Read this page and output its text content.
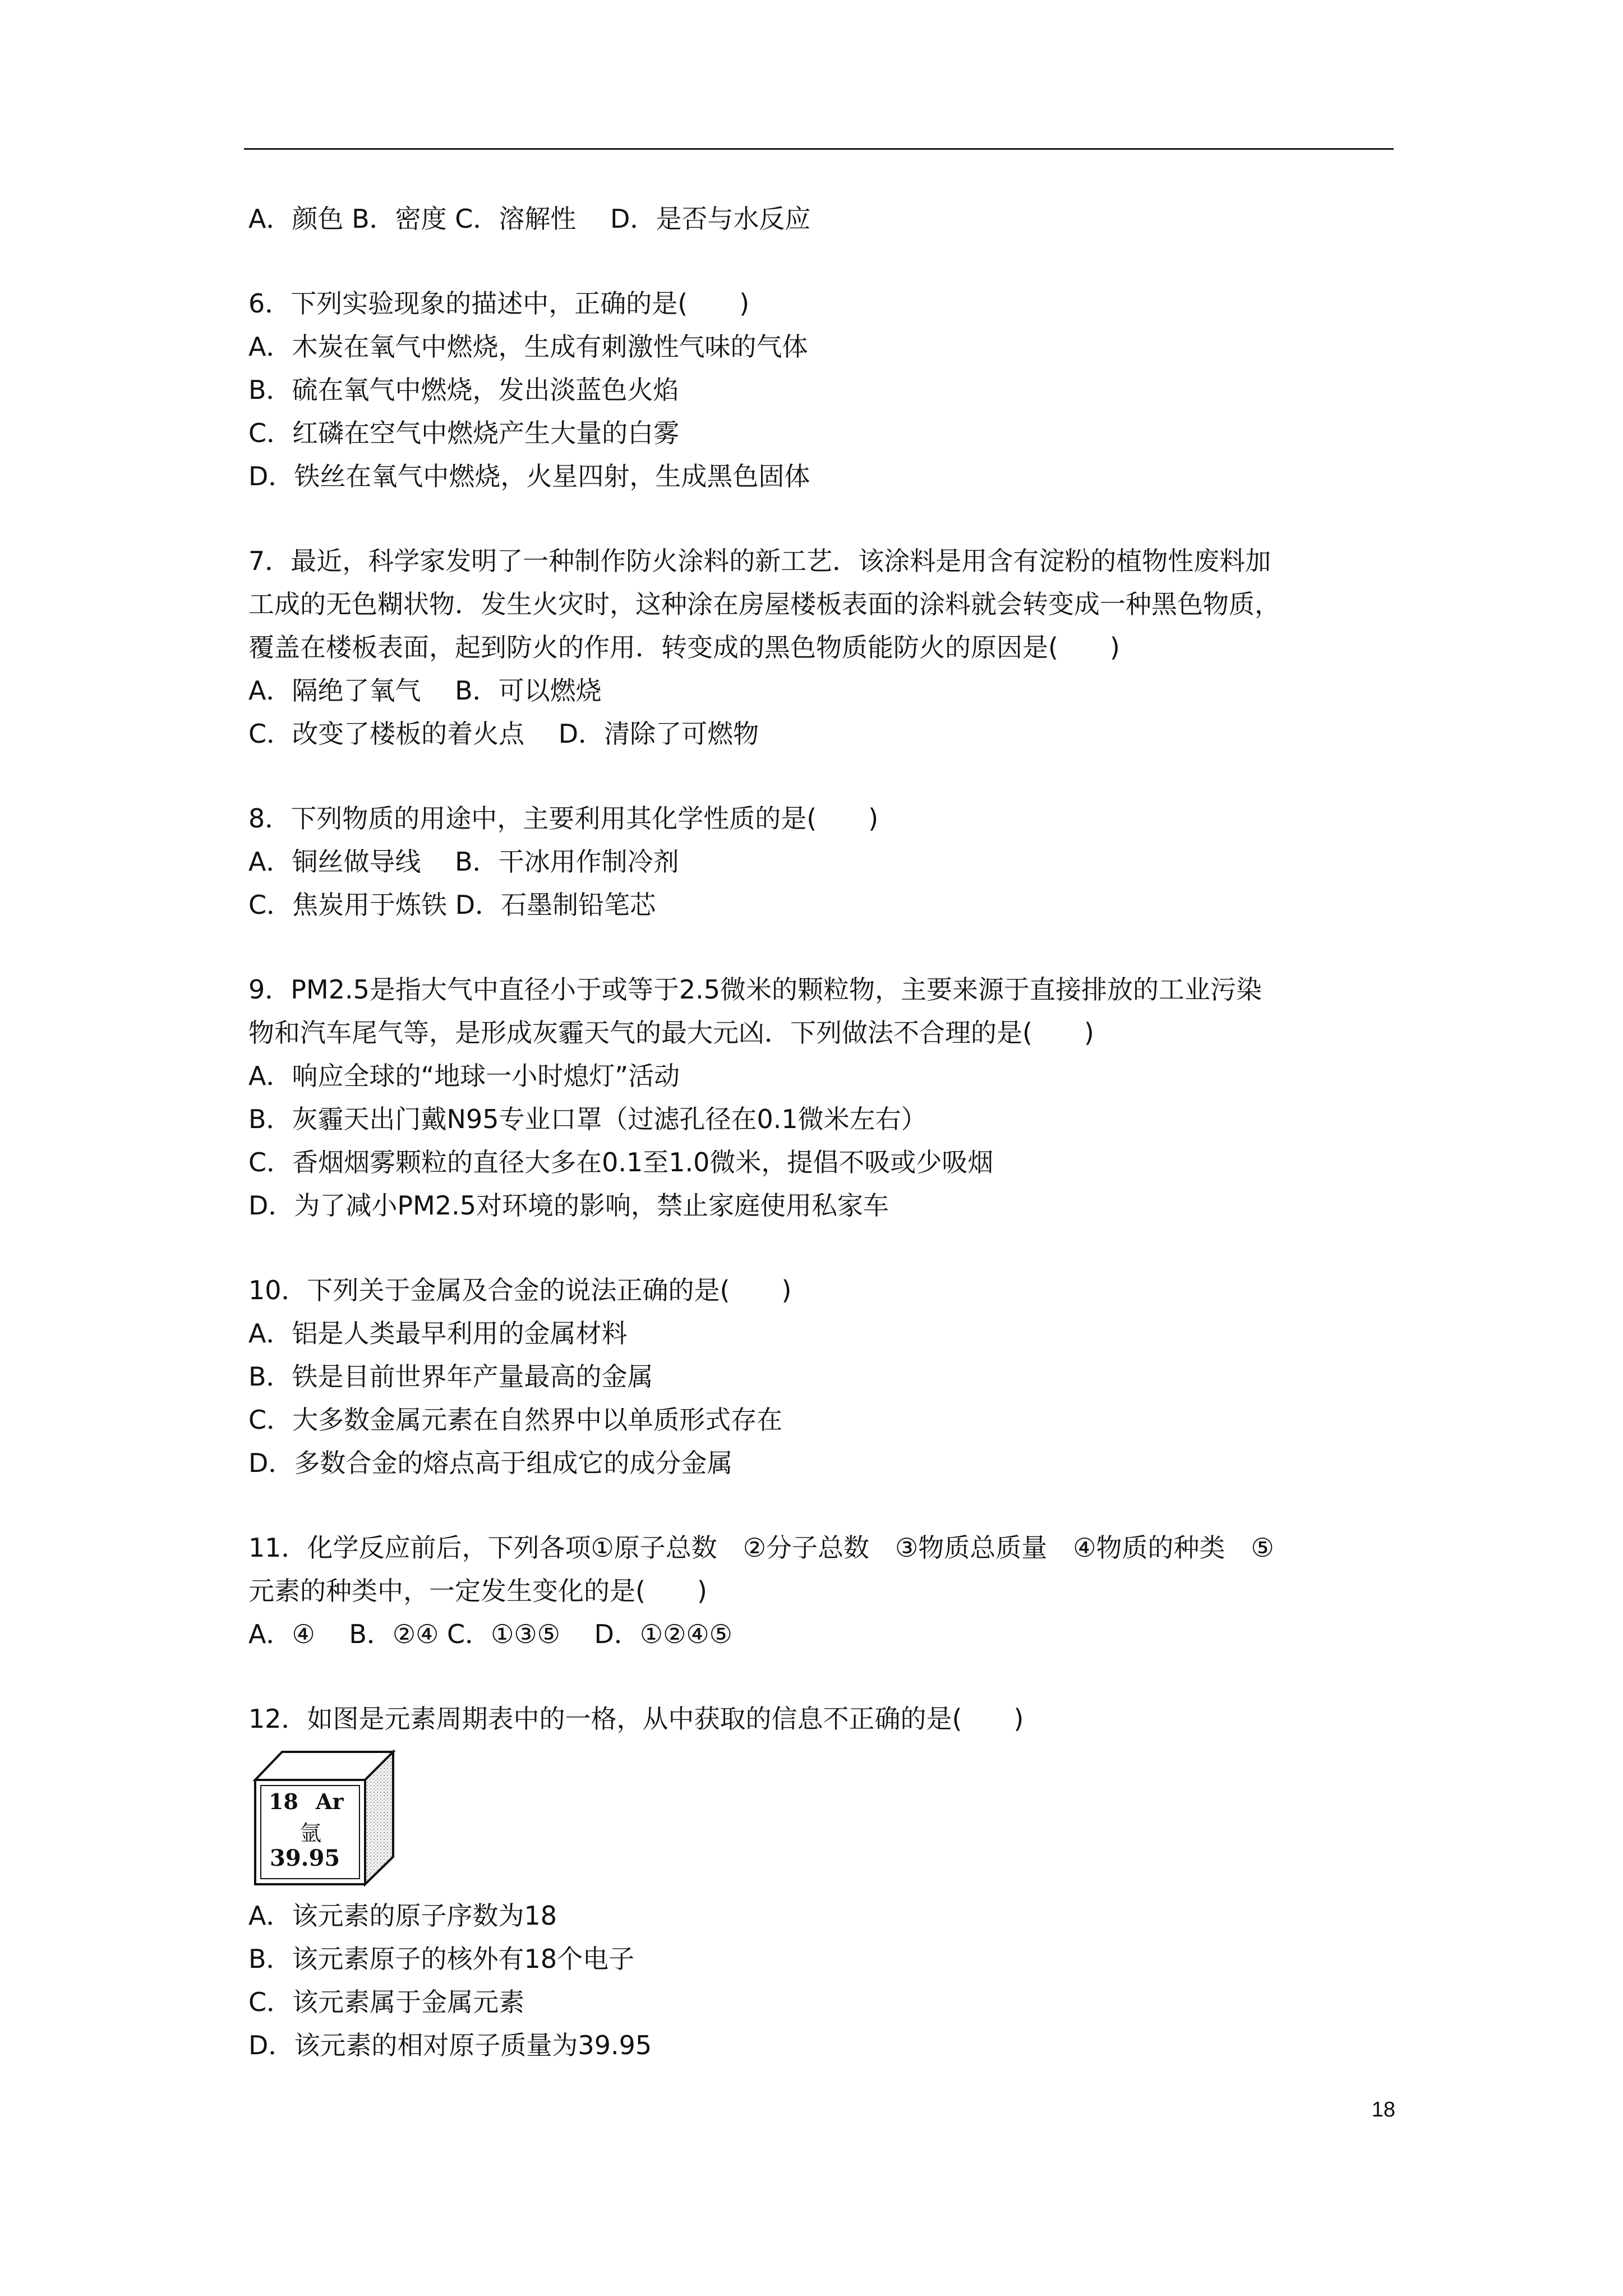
A．颜色 B．密度 C．溶解性 　D．是否与水反应
6．下列实验现象的描述中，正确的是(　　)
A．木炭在氧气中燃烧，生成有刺激性气味的气体
B．硫在氧气中燃烧，发出淡蓝色火焰
C．红磷在空气中燃烧产生大量的白雾
D．铁丝在氧气中燃烧，火星四射，生成黑色固体
7．最近，科学家发明了一种制作防火涂料的新工艺．该涂料是用含有淀粉的植物性废料加
工成的无色糊状物．发生火灾时，这种涂在房屋楼板表面的涂料就会转变成一种黑色物质，
覆盖在楼板表面，起到防火的作用．转变成的黑色物质能防火的原因是(　　)
A．隔绝了氧气　 B．可以燃烧
C．改变了楼板的着火点　 D．清除了可燃物
8．下列物质的用途中，主要利用其化学性质的是(　　)
A．铜丝做导线　 B．干冰用作制冷剂
C．焦炭用于炼铁 D．石墨制铅笔芯
9．PM2.5是指大气中直径小于或等于2.5微米的颗粒物，主要来源于直接排放的工业污染
物和汽车尾气等，是形成灰霾天气的最大元凶．下列做法不合理的是(　　)
A．响应全球的“地球一小时熄灯”活动
B．灰霾天出门戴N95专业口罩（过滤孔径在0.1微米左右）
C．香烟烟雾颗粒的直径大多在0.1至1.0微米，提倡不吸或少吸烟
D．为了减小PM2.5对环境的影响，禁止家庭使用私家车
10．下列关于金属及合金的说法正确的是(　　)
A．铝是人类最早利用的金属材料
B．铁是目前世界年产量最高的金属
C．大多数金属元素在自然界中以单质形式存在
D．多数合金的熔点高于组成它的成分金属
11．化学反应前后，下列各项①原子总数　②分子总数　③物质总质量　④物质的种类　⑤
元素的种类中，一定发生变化的是(　　)
A．④　 B．②④ C．①③⑤　 D．①②④⑤
12．如图是元素周期表中的一格，从中获取的信息不正确的是(　　)
18 Ar
氩
39.95
A．该元素的原子序数为18
B．该元素原子的核外有18个电子
C．该元素属于金属元素
D．该元素的相对原子质量为39.95
18
